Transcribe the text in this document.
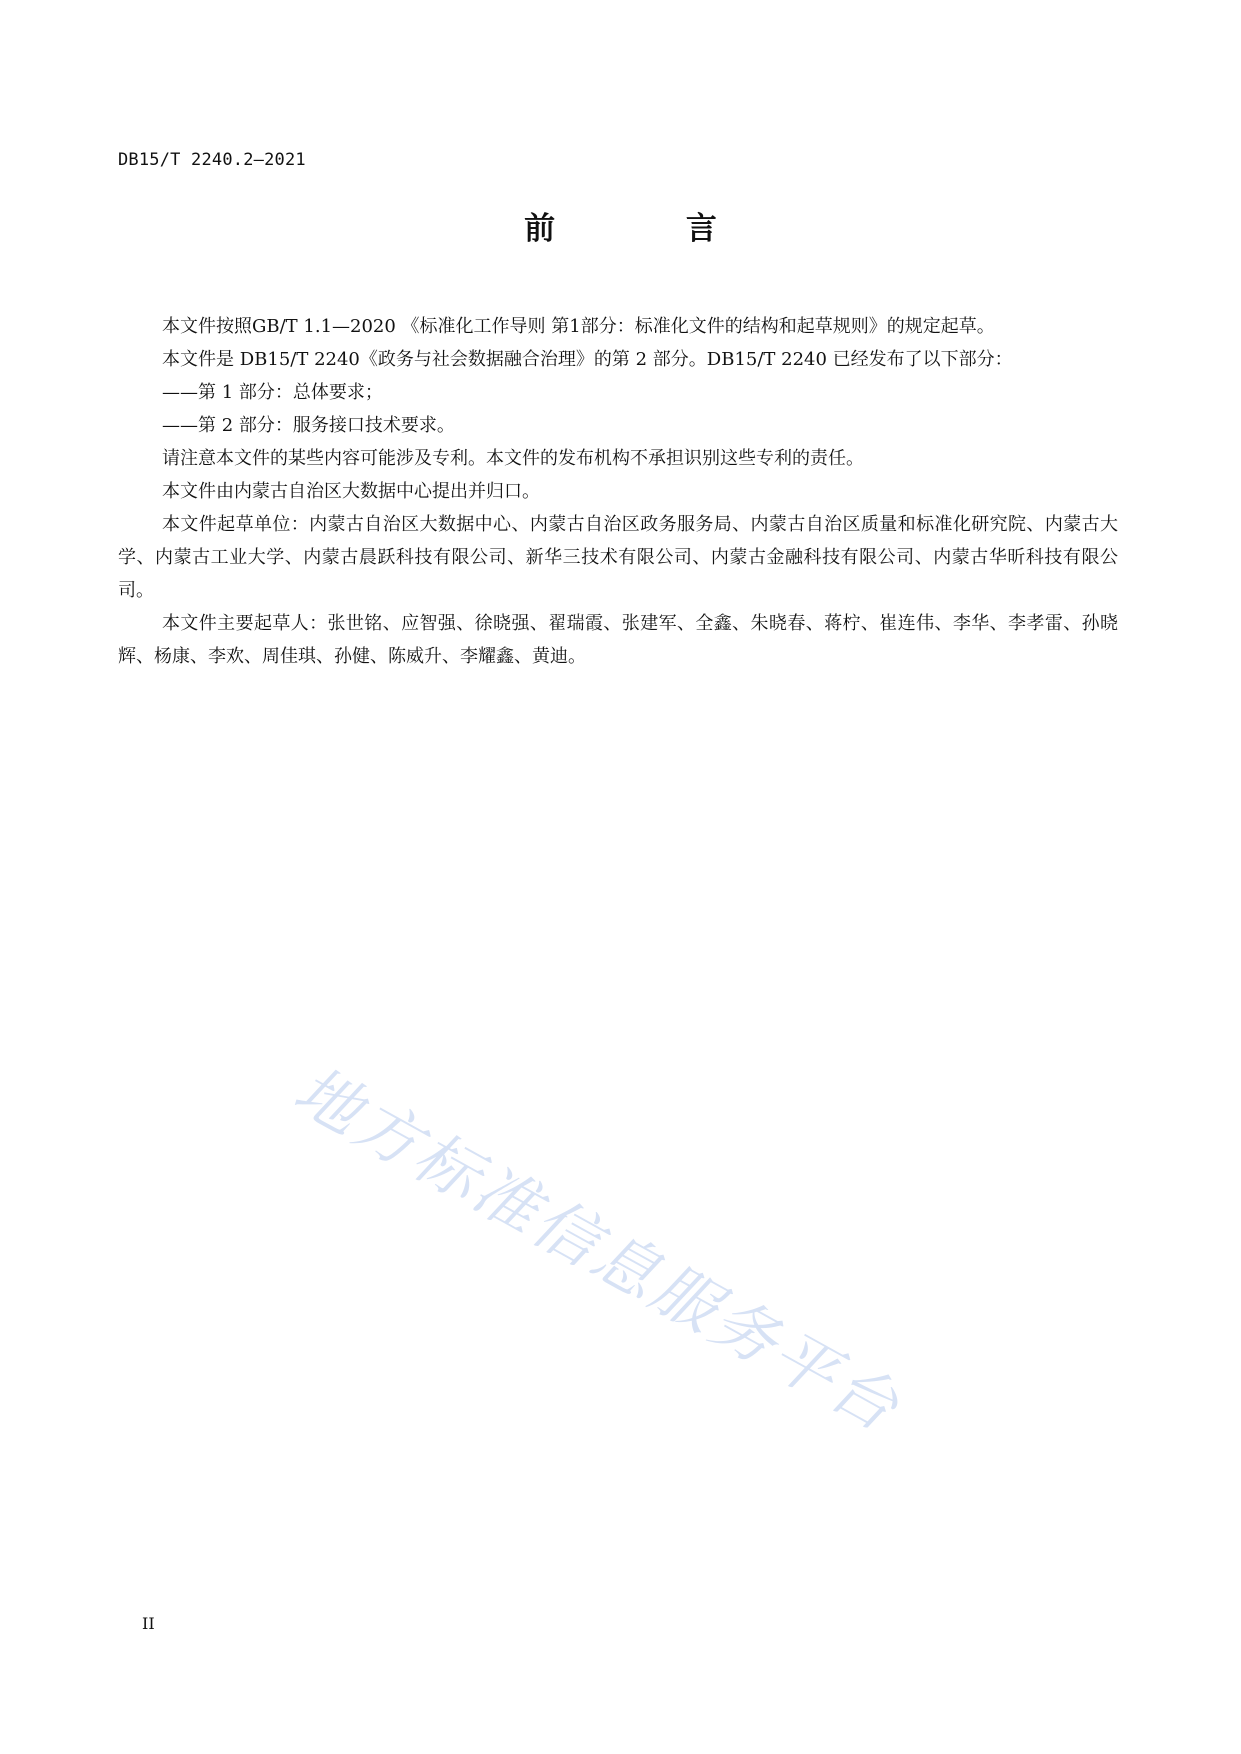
DB15/T 2240.2—2021
前 言

本文件按照GB/T 1.1—2020 《标准化工作导则 第1部分：标准化文件的结构和起草规则》的规定起草。

本文件是 DB15/T 2240《政务与社会数据融合治理》的第 2 部分。DB15/T 2240 已经发布了以下部分：

——第 1 部分：总体要求；

——第 2 部分：服务接口技术要求。

请注意本文件的某些内容可能涉及专利。本文件的发布机构不承担识别这些专利的责任。

本文件由内蒙古自治区大数据中心提出并归口。

本文件起草单位：内蒙古自治区大数据中心、内蒙古自治区政务服务局、内蒙古自治区质量和标准化研究院、内蒙古大学、内蒙古工业大学、内蒙古晨跃科技有限公司、新华三技术有限公司、内蒙古金融科技有限公司、内蒙古华昕科技有限公司。

本文件主要起草人：张世铭、应智强、徐晓强、翟瑞霞、张建军、全鑫、朱晓春、蒋柠、崔连伟、李华、李孝雷、孙晓辉、杨康、李欢、周佳琪、孙健、陈威升、李耀鑫、黄迪。

地方标准信息服务平台
II
